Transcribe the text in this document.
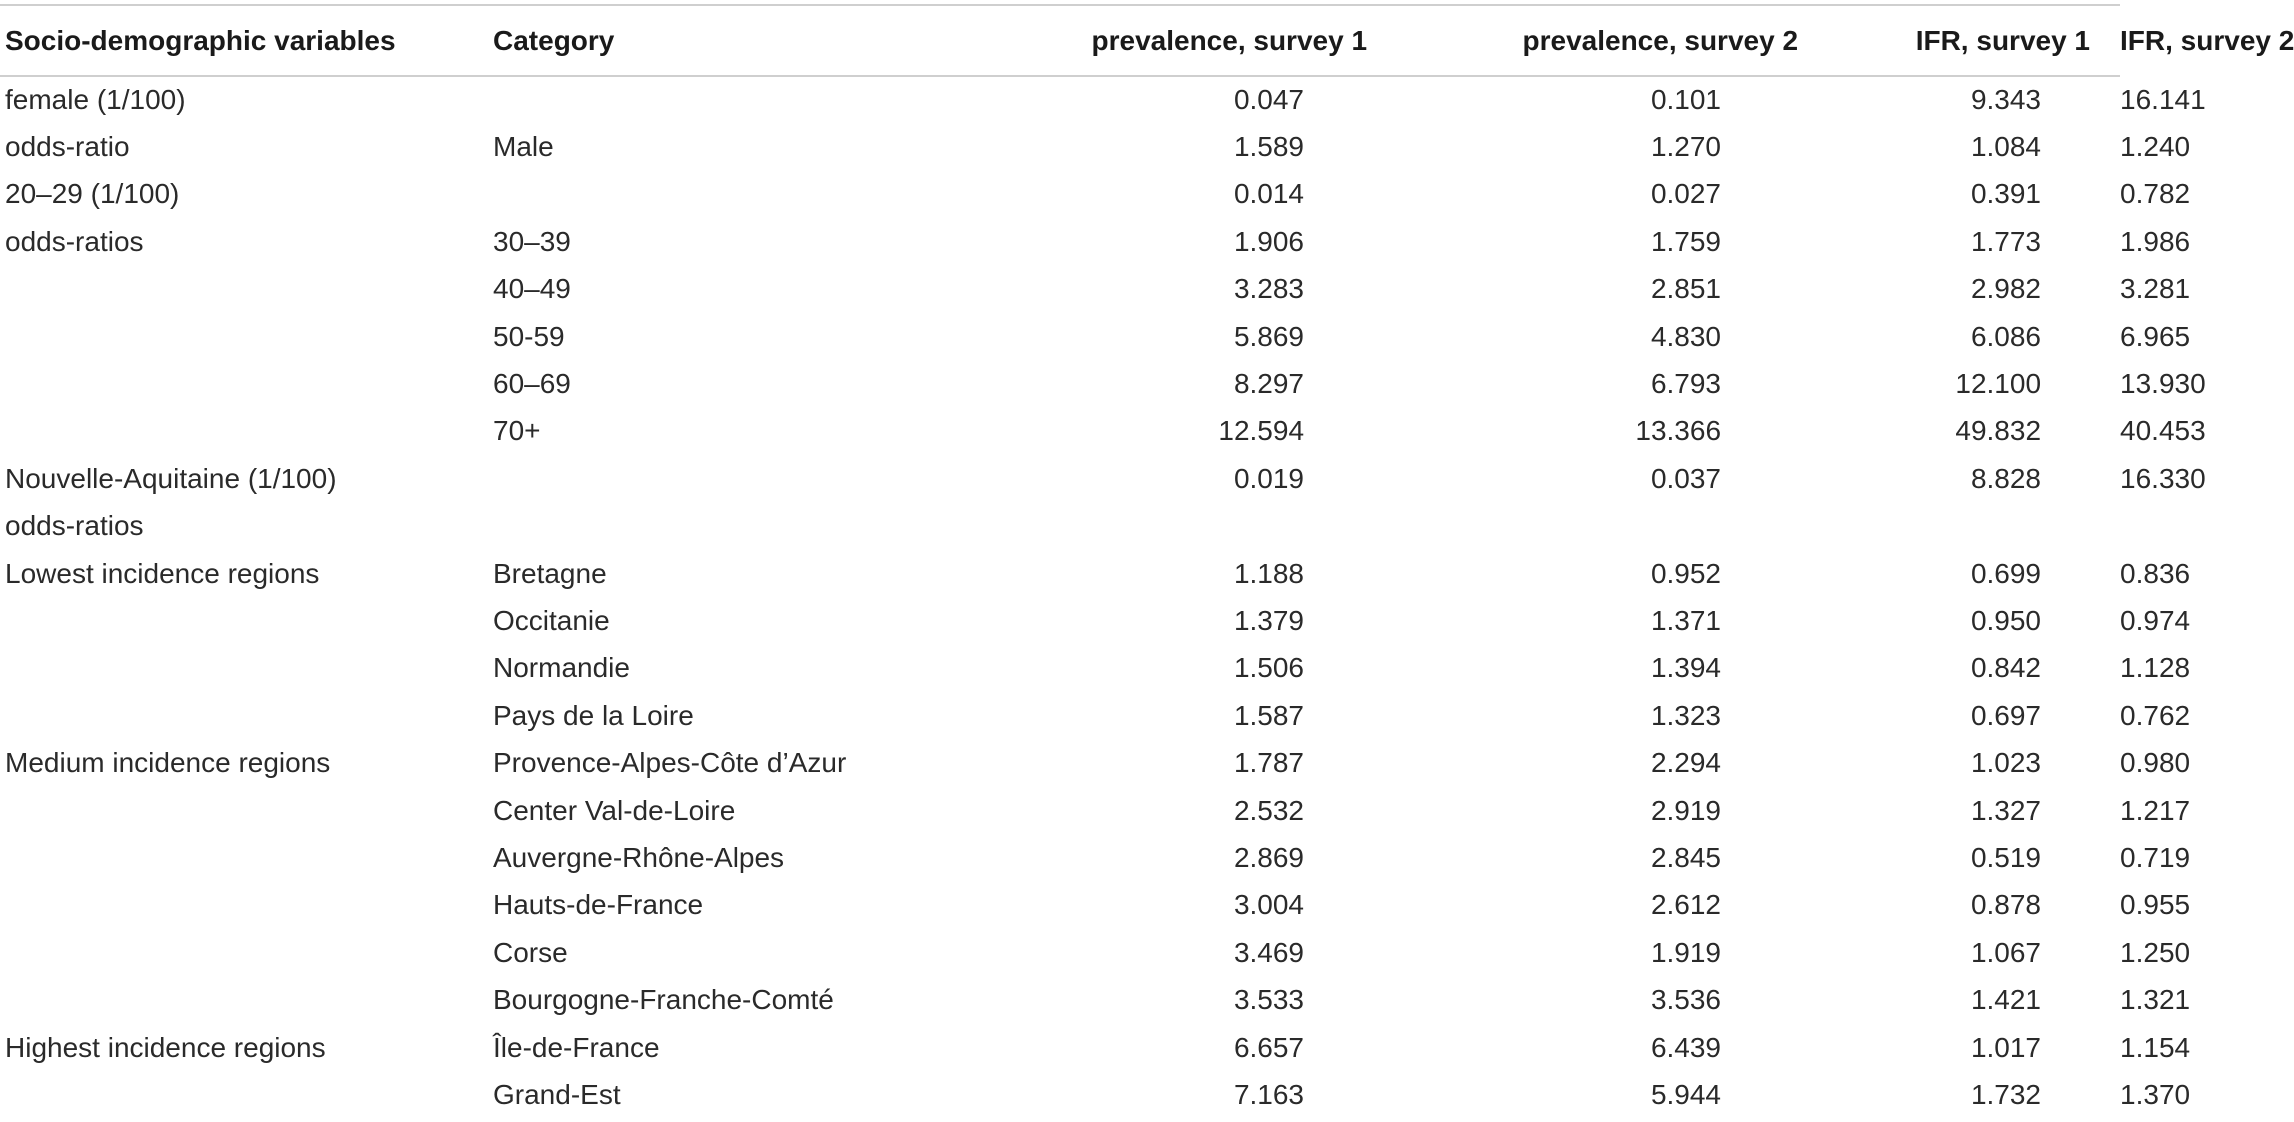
Socio-demographic variables	Category	prevalence, survey 1	prevalence, survey 2	IFR, survey 1	IFR, survey 2
female (1/100)		0.047	0.101	9.343	16.141
odds-ratio	Male	1.589	1.270	1.084	1.240
20–29 (1/100)		0.014	0.027	0.391	0.782
odds-ratios	30–39	1.906	1.759	1.773	1.986
	40–49	3.283	2.851	2.982	3.281
	50-59	5.869	4.830	6.086	6.965
	60–69	8.297	6.793	12.100	13.930
	70+	12.594	13.366	49.832	40.453
Nouvelle-Aquitaine (1/100)		0.019	0.037	8.828	16.330
odds-ratios					
Lowest incidence regions	Bretagne	1.188	0.952	0.699	0.836
	Occitanie	1.379	1.371	0.950	0.974
	Normandie	1.506	1.394	0.842	1.128
	Pays de la Loire	1.587	1.323	0.697	0.762
Medium incidence regions	Provence-Alpes-Côte d’Azur	1.787	2.294	1.023	0.980
	Center Val-de-Loire	2.532	2.919	1.327	1.217
	Auvergne-Rhône-Alpes	2.869	2.845	0.519	0.719
	Hauts-de-France	3.004	2.612	0.878	0.955
	Corse	3.469	1.919	1.067	1.250
	Bourgogne-Franche-Comté	3.533	3.536	1.421	1.321
Highest incidence regions	Île-de-France	6.657	6.439	1.017	1.154
	Grand-Est	7.163	5.944	1.732	1.370
